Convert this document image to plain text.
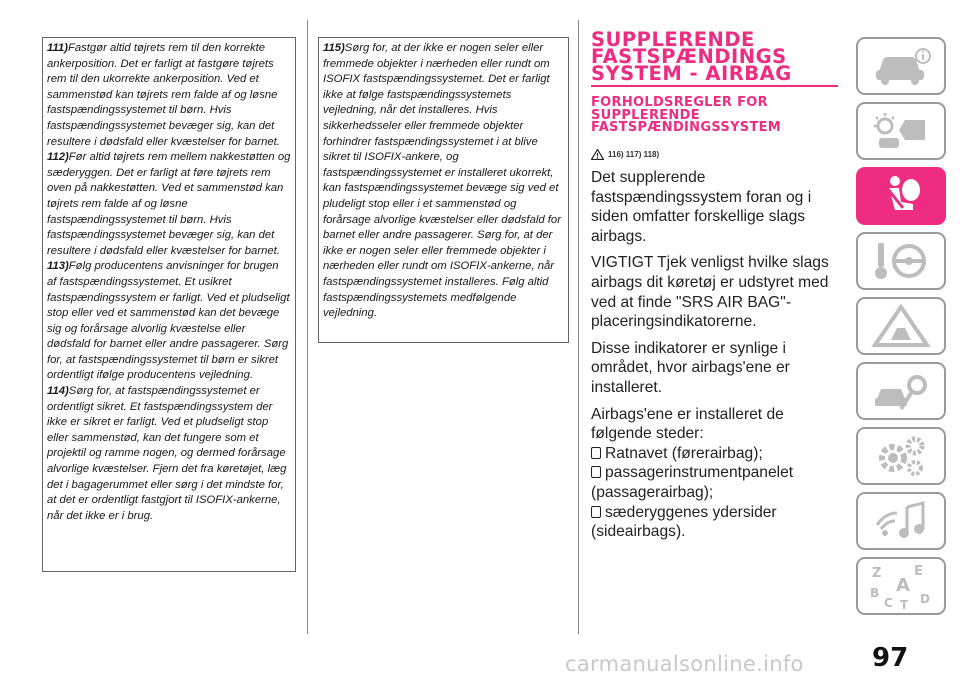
111)Fastgør altid tøjrets rem til den korrekte ankerposition. Det er farligt at fastgøre tøjrets rem til den ukorrekte ankerposition. Ved et sammenstød kan tøjrets rem falde af og løsne fastspændingssystemet til børn. Hvis fastspændingssystemet bevæger sig, kan det resultere i dødsfald eller kvæstelser for barnet.

112)Før altid tøjrets rem mellem nakkestøtten og sæderyggen. Det er farligt at føre tøjrets rem oven på nakkestøtten. Ved et sammenstød kan tøjrets rem falde af og løsne fastspændingssystemet til børn. Hvis fastspændingssystemet bevæger sig, kan det resultere i dødsfald eller kvæstelser for barnet.

113)Følg producentens anvisninger for brugen af fastspændingssystemet. Et usikret fastspændingssystem er farligt. Ved et pludseligt stop eller ved et sammenstød kan det bevæge sig og forårsage alvorlig kvæstelse eller dødsfald for barnet eller andre passagerer. Sørg for, at fastspændingssystemet til børn er sikret ordentligt ifølge producentens vejledning.

114)Sørg for, at fastspændingssystemet er ordentligt sikret. Et fastspændingssystem der ikke er sikret er farligt. Ved et pludseligt stop eller sammenstød, kan det fungere som et projektil og ramme nogen, og dermed forårsage alvorlige kvæstelser. Fjern det fra køretøjet, læg det i bagagerummet eller sørg i det mindste for, at det er ordentligt fastgjort til ISOFIX-ankerne, når det ikke er i brug.

115)Sørg for, at der ikke er nogen seler eller fremmede objekter i nærheden eller rundt om ISOFIX fastspændingssystemet. Det er farligt ikke at følge fastspændingssystemets vejledning, når det installeres. Hvis sikkerhedsseler eller fremmede objekter forhindrer fastspændingssystemet i at blive sikret til ISOFIX-ankere, og fastspændingssystemet er installeret ukorrekt, kan fastspændingssystemet bevæge sig ved et pludeligt stop eller i et sammenstød og forårsage alvorlige kvæstelser eller dødsfald for barnet eller andre passagerer. Sørg for, at der ikke er nogen seler eller fremmede objekter i nærheden eller rundt om ISOFIX-ankerne, når fastspændingssystemet installeres. Følg altid fastspændingssystemets medfølgende vejledning.

SUPPLERENDE
FASTSPÆNDINGS
SYSTEM - AIRBAG
FORHOLDSREGLER FOR
SUPPLERENDE
FASTSPÆNDINGSSYSTEM
116) 117) 118)

Det supplerende fastspændingssystem foran og i siden omfatter forskellige slags airbags.

VIGTIGT Tjek venligst hvilke slags airbags dit køretøj er udstyret med ved at finde "SRS AIR BAG"-placeringsindikatorerne.

Disse indikatorer er synlige i området, hvor airbags'ene er installeret.

Airbags'ene er installeret de følgende steder:

Ratnavet (førerairbag);
passagerinstrumentpanelet (passagerairbag);
sæderyggenes ydersider (sideairbags).
Z	E
A
B
C T D
97
carmanualsonline.info
